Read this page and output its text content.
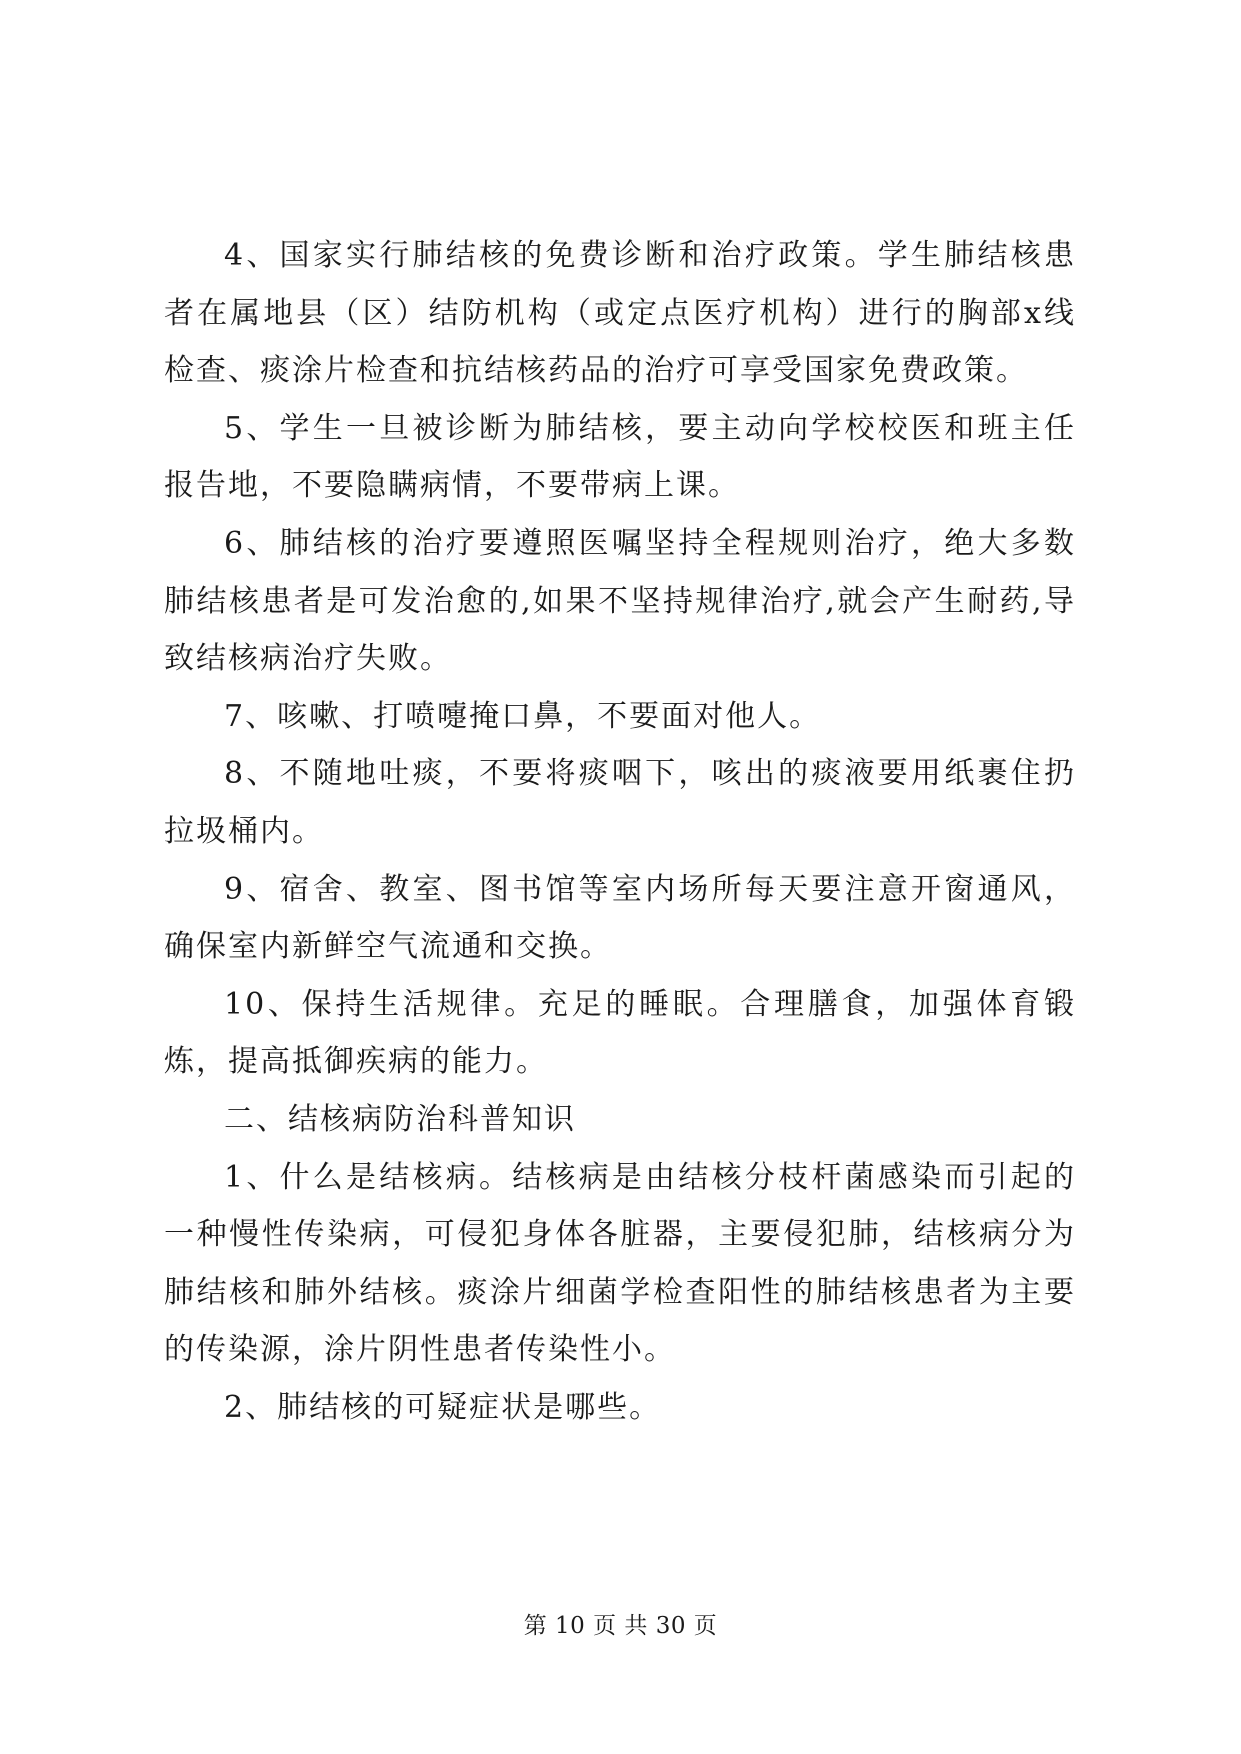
4、国家实行肺结核的免费诊断和治疗政策。学生肺结核患者在属地县（区）结防机构（或定点医疗机构）进行的胸部x线检查、痰涂片检查和抗结核药品的治疗可享受国家免费政策。

5、学生一旦被诊断为肺结核，要主动向学校校医和班主任报告地，不要隐瞒病情，不要带病上课。

6、肺结核的治疗要遵照医嘱坚持全程规则治疗，绝大多数肺结核患者是可发治愈的,如果不坚持规律治疗,就会产生耐药,导致结核病治疗失败。

7、咳嗽、打喷嚏掩口鼻，不要面对他人。

8、不随地吐痰，不要将痰咽下，咳出的痰液要用纸裹住扔拉圾桶内。

9、宿舍、教室、图书馆等室内场所每天要注意开窗通风，确保室内新鲜空气流通和交换。

10、保持生活规律。充足的睡眠。合理膳食，加强体育锻炼，提高抵御疾病的能力。

二、结核病防治科普知识

1、什么是结核病。结核病是由结核分枝杆菌感染而引起的一种慢性传染病，可侵犯身体各脏器，主要侵犯肺，结核病分为肺结核和肺外结核。痰涂片细菌学检查阳性的肺结核患者为主要的传染源，涂片阴性患者传染性小。

2、肺结核的可疑症状是哪些。

第 10 页 共 30 页
